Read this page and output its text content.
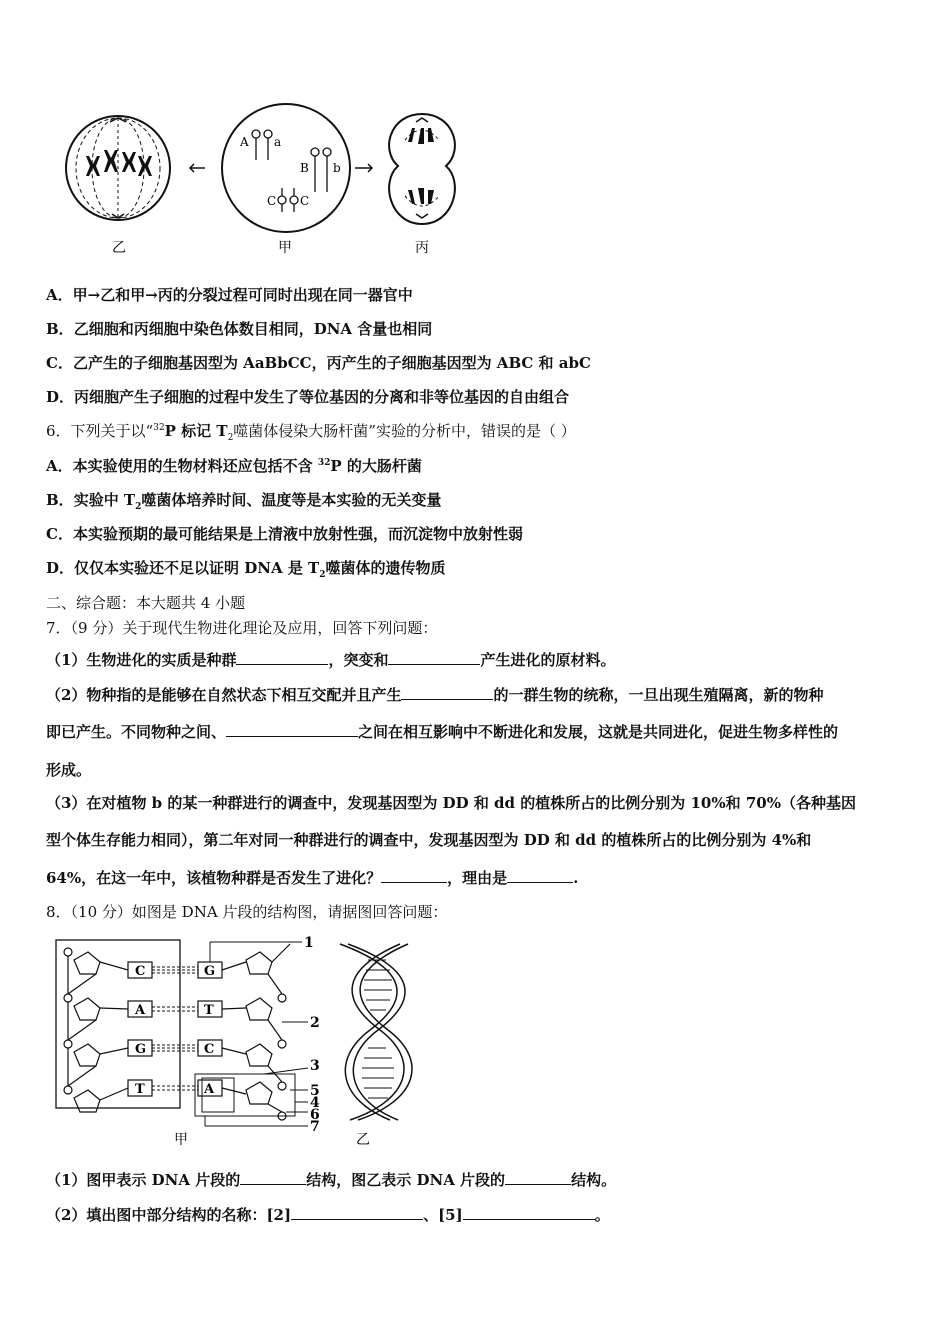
乙
A a
B b
C C
甲	丙
A．甲→乙和甲→丙的分裂过程可同时出现在同一器官中
B．乙细胞和丙细胞中染色体数目相同，DNA 含量也相同
C．乙产生的子细胞基因型为 AaBbCC，丙产生的子细胞基因型为 ABC 和 abC
D．丙细胞产生子细胞的过程中发生了等位基因的分离和非等位基因的自由组合
6．下列关于以“$^{32}$P 标记 $T_2$噬菌体侵染大肠杆菌”实验的分析中，错误的是（ ）
A．本实验使用的生物材料还应包括不含 $^{32}$P 的大肠杆菌
B．实验中 $T_2$噬菌体培养时间、温度等是本实验的无关变量
C．本实验预期的最可能结果是上清液中放射性强，而沉淀物中放射性弱
D．仅仅本实验还不足以证明 DNA 是 $T_2$噬菌体的遗传物质
二、综合题：本大题共 4 小题
7．（9 分）关于现代生物进化理论及应用，回答下列问题：
（1）生物进化的实质是种群	，突变和	产生进化的原材料。
（2）物种指的是能够在自然状态下相互交配并且产生	的一群生物的统称，一旦出现生殖隔离，新的物种
即已产生。不同物种之间、	之间在相互影响中不断进化和发展，这就是共同进化，促进生物多样性的
形成。
（3）在对植物 b 的某一种群进行的调查中，发现基因型为 DD 和 dd 的植株所占的比例分别为 10%和 70%（各种基因
型个体生存能力相同），第二年对同一种群进行的调查中，发现基因型为 DD 和 dd 的植株所占的比例分别为 4%和
64%，在这一年中，该植物种群是否发生了进化？	，理由是	.
8．（10 分）如图是 DNA 片段的结构图，请据图回答问题：
C
A
G
T
G
T
C
A
1
2
3
5
4
6
7
甲	乙
（1）图甲表示 DNA 片段的	结构，图乙表示 DNA 片段的	结构。
（2）填出图中部分结构的名称：[2]	、[5]	。
